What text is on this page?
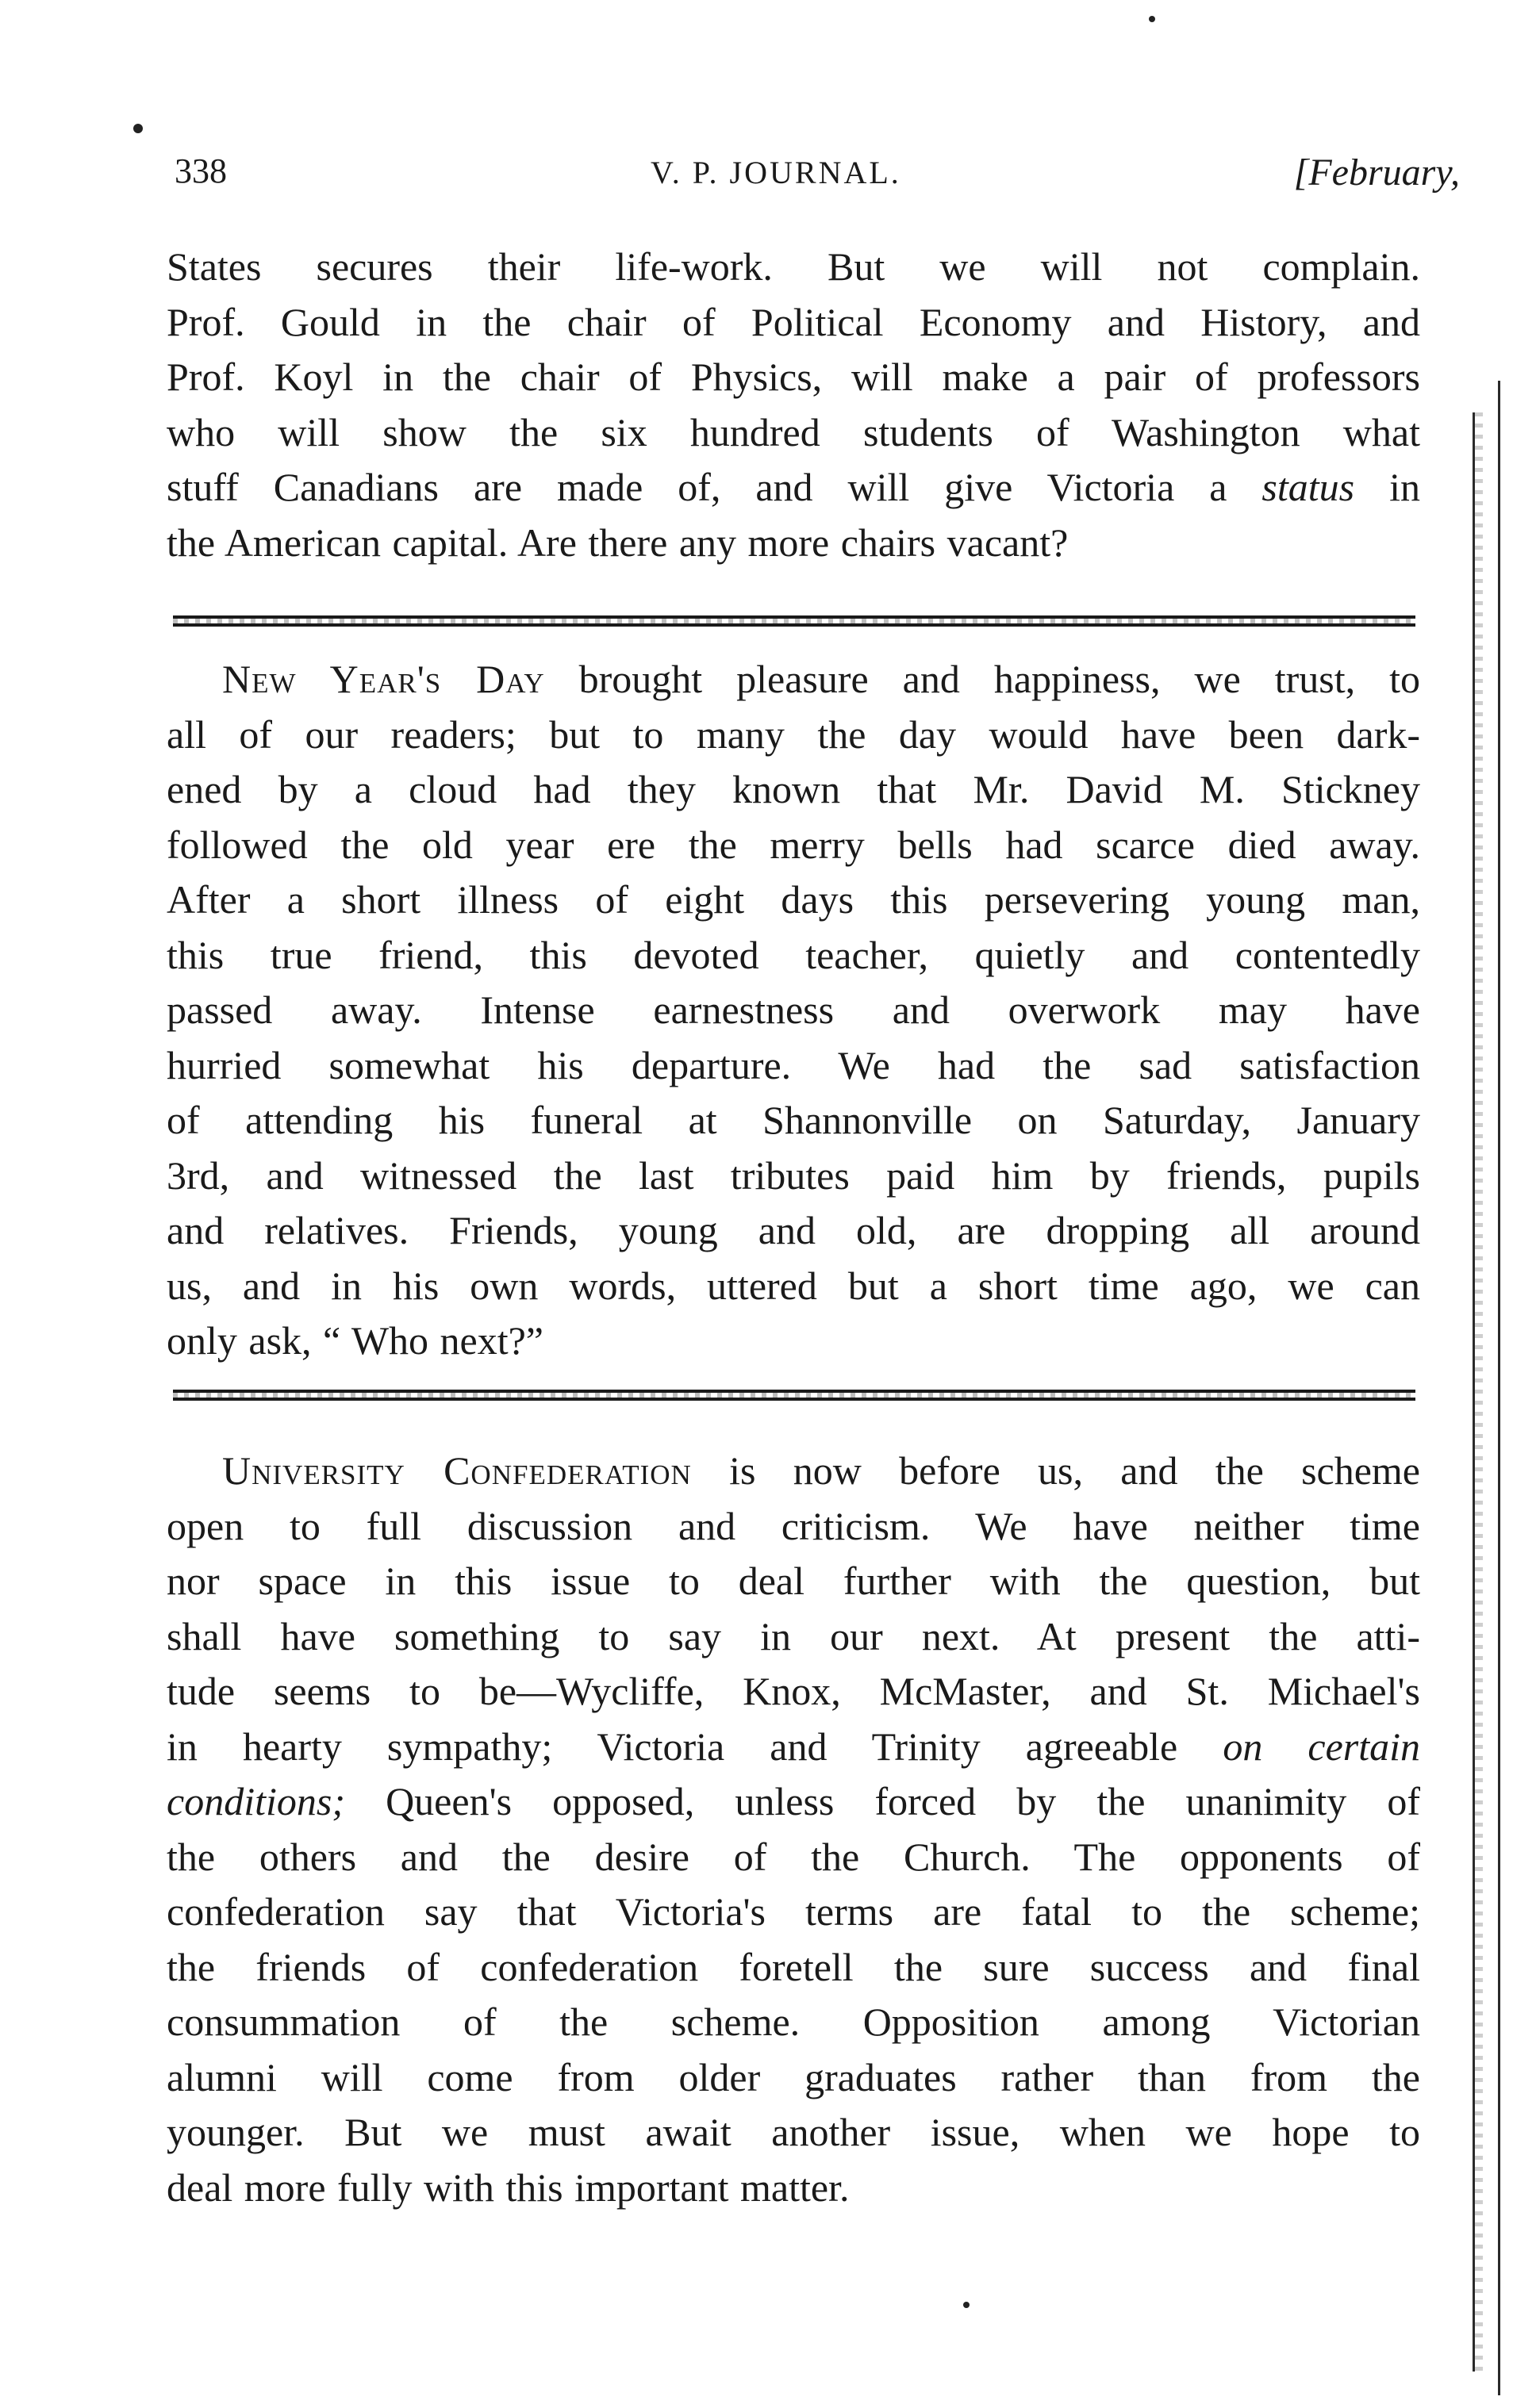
338	V. P. JOURNAL.	[February,

States secures their life-work. But we will not complain.
Prof. Gould in the chair of Political Economy and History, and
Prof. Koyl in the chair of Physics, will make a pair of professors
who will show the six hundred students of Washington what
stuff Canadians are made of, and will give Victoria a status in
the American capital. Are there any more chairs vacant?

New Year's Day brought pleasure and happiness, we trust, to
all of our readers; but to many the day would have been dark-
ened by a cloud had they known that Mr. David M. Stickney
followed the old year ere the merry bells had scarce died away.
After a short illness of eight days this persevering young man,
this true friend, this devoted teacher, quietly and contentedly
passed away. Intense earnestness and overwork may have
hurried somewhat his departure. We had the sad satisfaction
of attending his funeral at Shannonville on Saturday, January
3rd, and witnessed the last tributes paid him by friends, pupils
and relatives. Friends, young and old, are dropping all around
us, and in his own words, uttered but a short time ago, we can
only ask, “ Who next?”

University Confederation is now before us, and the scheme
open to full discussion and criticism. We have neither time
nor space in this issue to deal further with the question, but
shall have something to say in our next. At present the atti-
tude seems to be—Wycliffe, Knox, McMaster, and St. Michael's
in hearty sympathy; Victoria and Trinity agreeable on certain
conditions; Queen's opposed, unless forced by the unanimity of
the others and the desire of the Church. The opponents of
confederation say that Victoria's terms are fatal to the scheme;
the friends of confederation foretell the sure success and final
consummation of the scheme. Opposition among Victorian
alumni will come from older graduates rather than from the
younger. But we must await another issue, when we hope to
deal more fully with this important matter.
